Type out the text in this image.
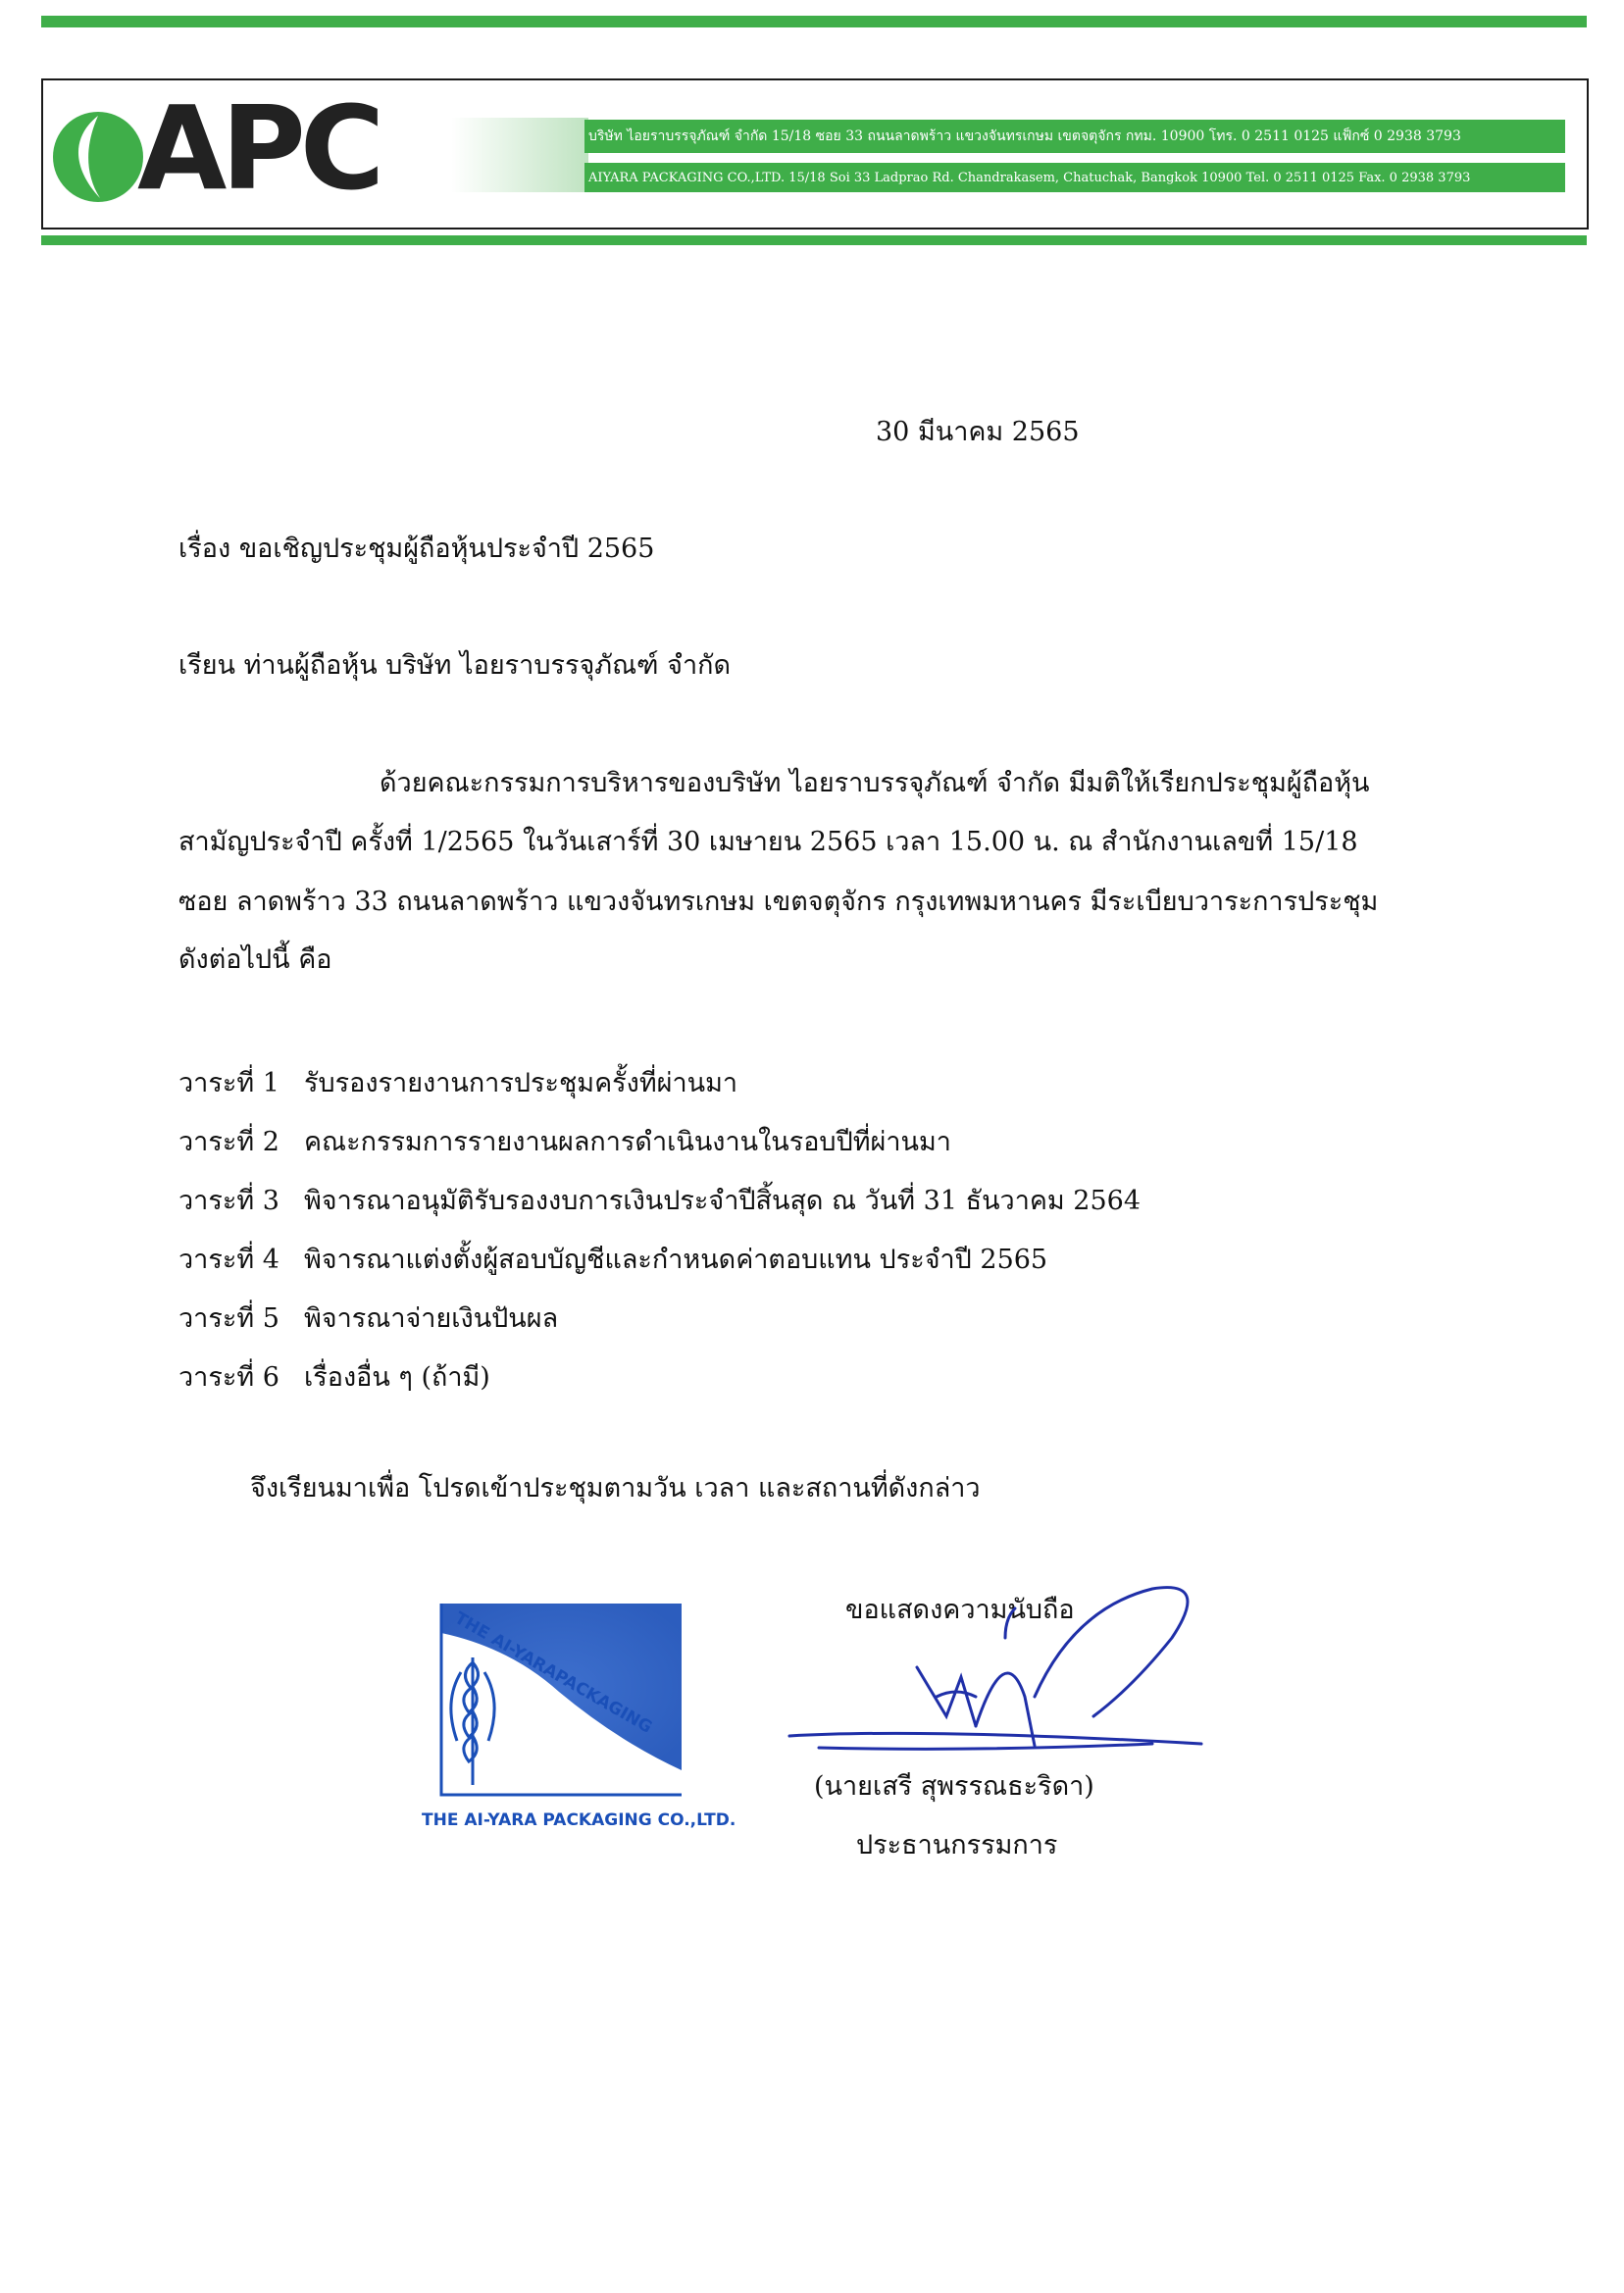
APC	บริษัท ไอยราบรรจุภัณฑ์ จำกัด 15/18 ซอย 33 ถนนลาดพร้าว แขวงจันทรเกษม เขตจตุจักร กทม. 10900 โทร. 0 2511 0125 แฟ็กซ์ 0 2938 3793
AIYARA PACKAGING CO.,LTD. 15/18 Soi 33 Ladprao Rd. Chandrakasem, Chatuchak, Bangkok 10900 Tel. 0 2511 0125 Fax. 0 2938 3793
30 มีนาคม 2565
เรื่อง ขอเชิญประชุมผู้ถือหุ้นประจำปี 2565
เรียน ท่านผู้ถือหุ้น บริษัท ไอยราบรรจุภัณฑ์ จำกัด
ด้วยคณะกรรมการบริหารของบริษัท ไอยราบรรจุภัณฑ์ จำกัด มีมติให้เรียกประชุมผู้ถือหุ้น
สามัญประจำปี ครั้งที่ 1/2565 ในวันเสาร์ที่ 30 เมษายน 2565 เวลา 15.00 น. ณ สำนักงานเลขที่ 15/18
ซอย ลาดพร้าว 33 ถนนลาดพร้าว แขวงจันทรเกษม เขตจตุจักร กรุงเทพมหานคร มีระเบียบวาระการประชุม
ดังต่อไปนี้ คือ
วาระที่ 1 รับรองรายงานการประชุมครั้งที่ผ่านมา
วาระที่ 2 คณะกรรมการรายงานผลการดำเนินงานในรอบปีที่ผ่านมา
วาระที่ 3 พิจารณาอนุมัติรับรองงบการเงินประจำปีสิ้นสุด ณ วันที่ 31 ธันวาคม 2564
วาระที่ 4 พิจารณาแต่งตั้งผู้สอบบัญชีและกำหนดค่าตอบแทน ประจำปี 2565
วาระที่ 5 พิจารณาจ่ายเงินปันผล
วาระที่ 6 เรื่องอื่น ๆ (ถ้ามี)
จึงเรียนมาเพื่อ โปรดเข้าประชุมตามวัน เวลา และสถานที่ดังกล่าว
THE AI-YARAPACKAGING
THE AI-YARA PACKAGING CO.,LTD.
ขอแสดงความนับถือ
(นายเสรี สุพรรณธะริดา)
ประธานกรรมการ
